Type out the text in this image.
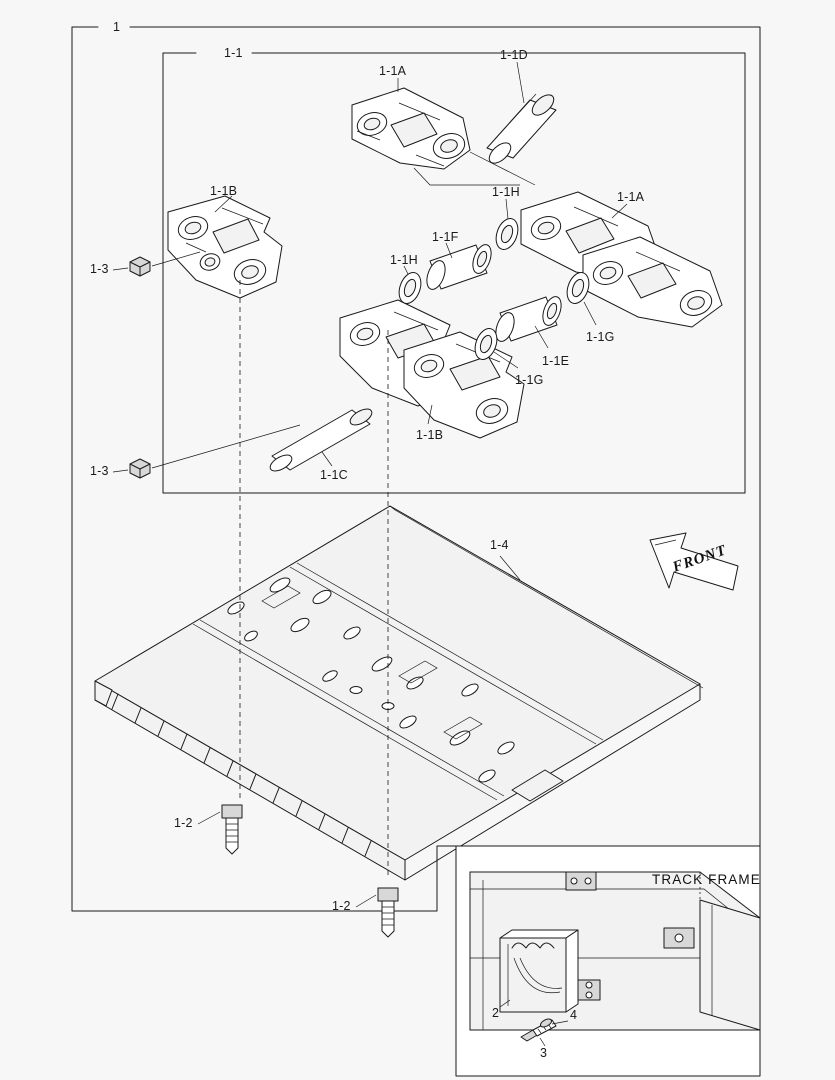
1
1-1
1-1A
1-1D
1-1B	1-1H	1-1A
1-1F
1-1H
1-3
1-1G
1-1E
1-1G
1-1B
1-1C
1-3
1-4
1-2
1-2
2
3
4
TRACK FRAME
FRONT
